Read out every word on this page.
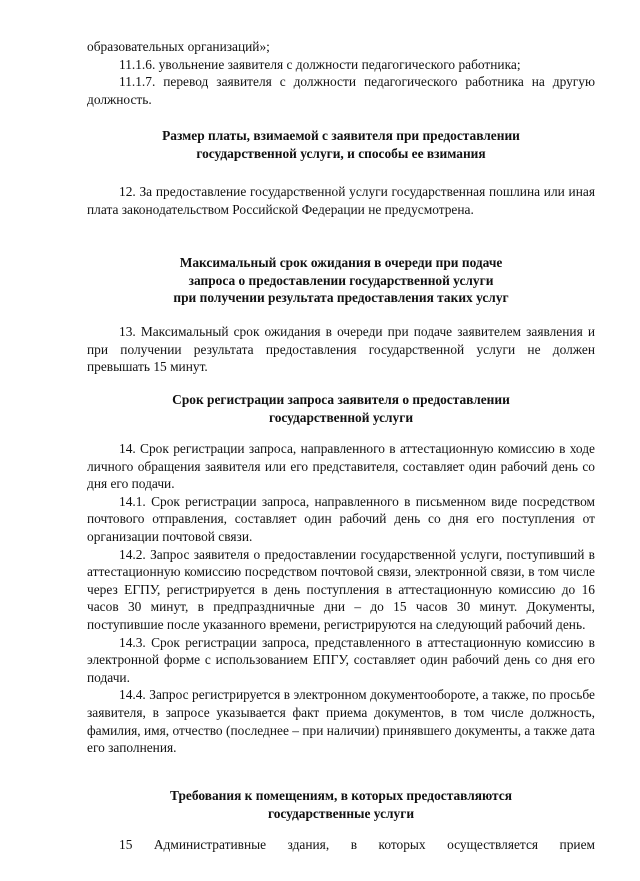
образовательных организаций»;

11.1.6. увольнение заявителя с должности педагогического работника;

11.1.7. перевод заявителя с должности педагогического работника на другую должность.

Размер платы, взимаемой с заявителя при предоставлении
государственной услуги, и способы ее взимания

12. За предоставление государственной услуги государственная пошлина или иная плата законодательством Российской Федерации не предусмотрена.

Максимальный срок ожидания в очереди при подаче
запроса о предоставлении государственной услуги
при получении результата предоставления таких услуг

13. Максимальный срок ожидания в очереди при подаче заявителем заявления и при получении результата предоставления государственной услуги не должен превышать 15 минут.

Срок регистрации запроса заявителя о предоставлении
государственной услуги

14. Срок регистрации запроса, направленного в аттестационную комиссию в ходе личного обращения заявителя или его представителя, составляет один рабочий день со дня его подачи.

14.1. Срок регистрации запроса, направленного в письменном виде посредством почтового отправления, составляет один рабочий день со дня его поступления от организации почтовой связи.

14.2. Запрос заявителя о предоставлении государственной услуги, поступивший в аттестационную комиссию посредством почтовой связи, электронной связи, в том числе через ЕГПУ, регистрируется в день поступления в аттестационную комиссию до 16 часов 30 минут, в предпраздничные дни – до 15 часов 30 минут. Документы, поступившие после указанного времени, регистрируются на следующий рабочий день.

14.3. Срок регистрации запроса, представленного в аттестационную комиссию в электронной форме с использованием ЕПГУ, составляет один рабочий день со дня его подачи.

14.4. Запрос регистрируется в электронном документообороте, а также, по просьбе заявителя, в запросе указывается факт приема документов, в том числе должность, фамилия, имя, отчество (последнее – при наличии) принявшего документы, а также дата его заполнения.

Требования к помещениям, в которых предоставляются
государственные услуги

15 Административные здания, в которых осуществляется прием
